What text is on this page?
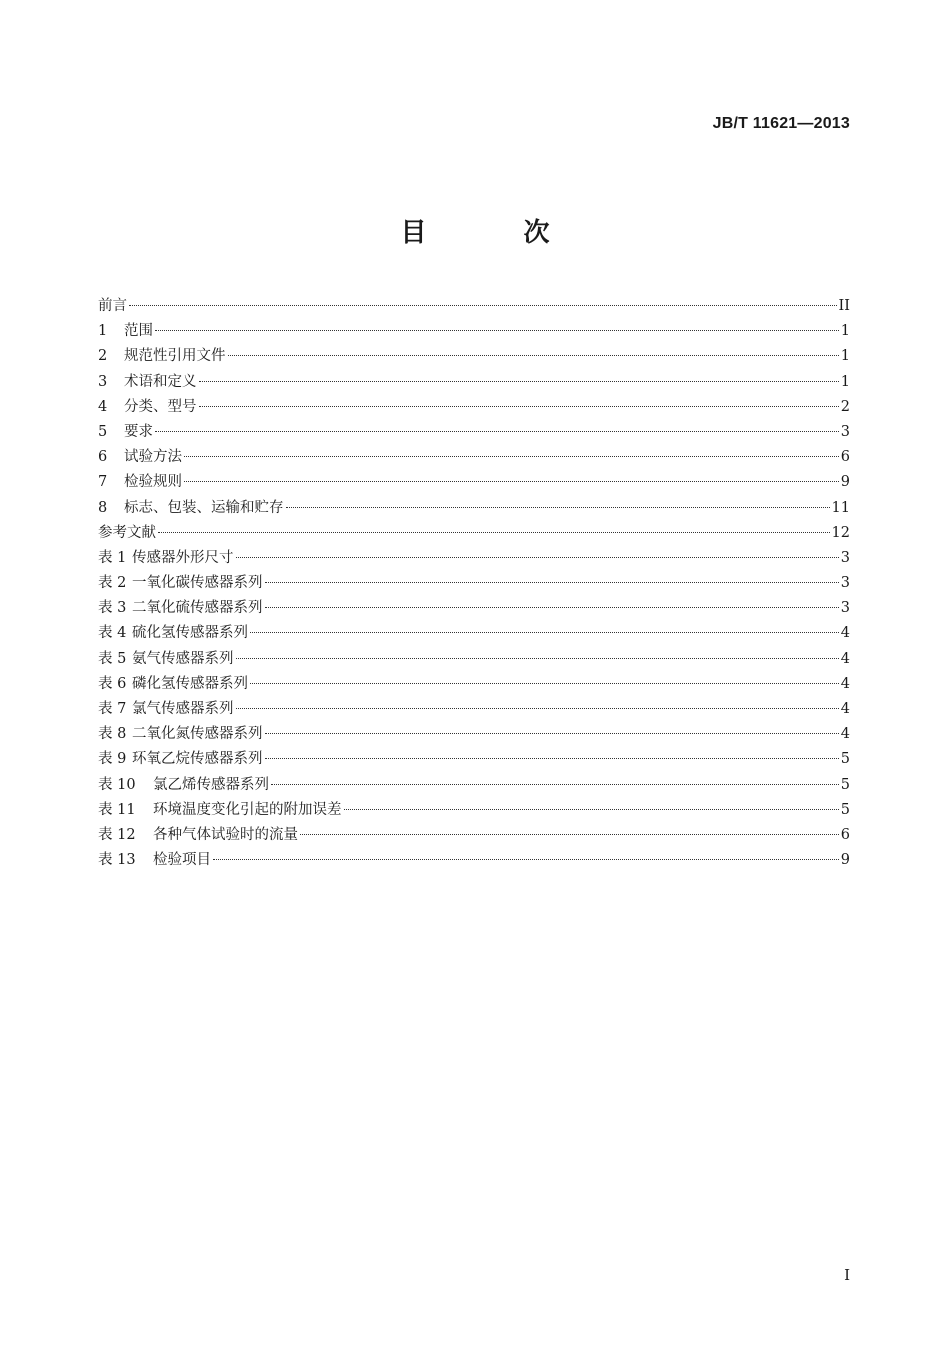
JB/T 11621—2013
目 次
前言	II
1	范围	1
2	规范性引用文件	1
3	术语和定义	1
4	分类、型号	2
5	要求	3
6	试验方法	6
7	检验规则	9
8	标志、包装、运输和贮存	11
参考文献	12
表 1 传感器外形尺寸	3
表 2 一氧化碳传感器系列	3
表 3 二氧化硫传感器系列	3
表 4 硫化氢传感器系列	4
表 5 氨气传感器系列	4
表 6 磷化氢传感器系列	4
表 7 氯气传感器系列	4
表 8 二氧化氮传感器系列	4
表 9 环氧乙烷传感器系列	5
表 10	氯乙烯传感器系列	5
表 11	环境温度变化引起的附加误差	5
表 12	各种气体试验时的流量	6
表 13	检验项目	9
I
